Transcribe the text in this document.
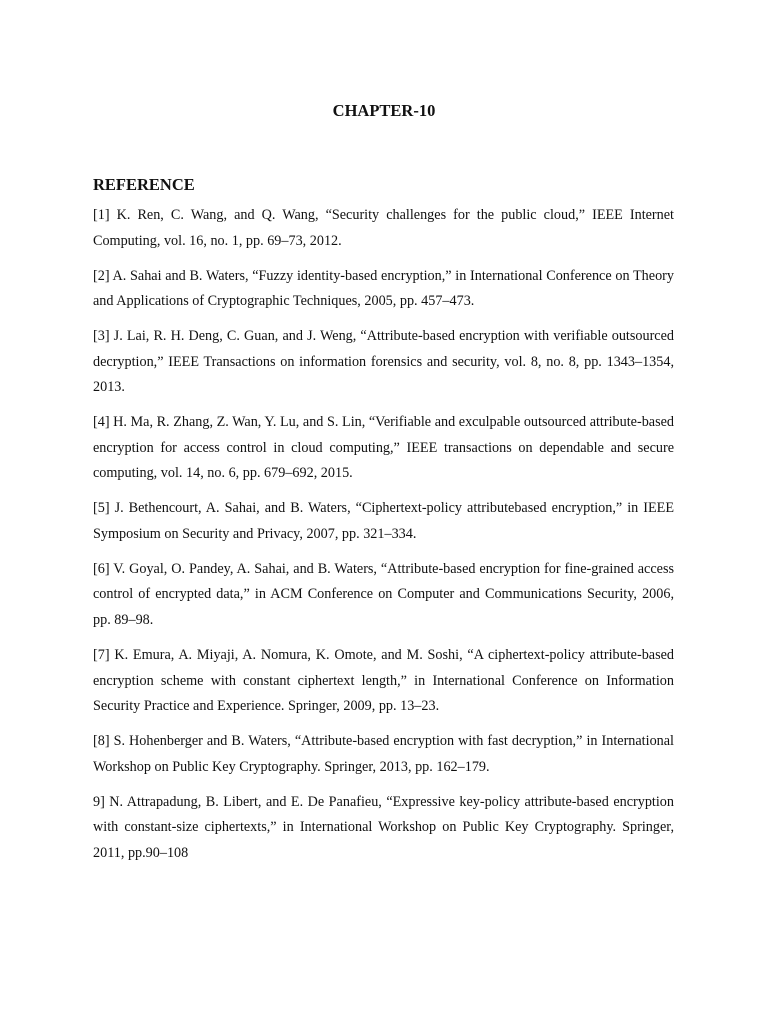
CHAPTER-10
REFERENCE
[1] K. Ren, C. Wang, and Q. Wang, “Security challenges for the public cloud,” IEEE Internet Computing, vol. 16, no. 1, pp. 69–73, 2012.
[2] A. Sahai and B. Waters, “Fuzzy identity-based encryption,” in International Conference on Theory and Applications of Cryptographic Techniques, 2005, pp. 457–473.
[3] J. Lai, R. H. Deng, C. Guan, and J. Weng, “Attribute-based encryption with verifiable outsourced decryption,” IEEE Transactions on information forensics and security, vol. 8, no. 8, pp. 1343–1354, 2013.
[4] H. Ma, R. Zhang, Z. Wan, Y. Lu, and S. Lin, “Verifiable and exculpable outsourced attribute-based encryption for access control in cloud computing,” IEEE transactions on dependable and secure computing, vol. 14, no. 6, pp. 679–692, 2015.
[5] J. Bethencourt, A. Sahai, and B. Waters, “Ciphertext-policy attributebased encryption,” in IEEE Symposium on Security and Privacy, 2007, pp. 321–334.
[6] V. Goyal, O. Pandey, A. Sahai, and B. Waters, “Attribute-based encryption for fine-grained access control of encrypted data,” in ACM Conference on Computer and Communications Security, 2006, pp. 89–98.
[7] K. Emura, A. Miyaji, A. Nomura, K. Omote, and M. Soshi, “A ciphertext-policy attribute-based encryption scheme with constant ciphertext length,” in International Conference on Information Security Practice and Experience. Springer, 2009, pp. 13–23.
[8] S. Hohenberger and B. Waters, “Attribute-based encryption with fast decryption,” in International Workshop on Public Key Cryptography. Springer, 2013, pp. 162–179.
9] N. Attrapadung, B. Libert, and E. De Panafieu, “Expressive key-policy attribute-based encryption with constant-size ciphertexts,” in International Workshop on Public Key Cryptography. Springer, 2011, pp.90–108
